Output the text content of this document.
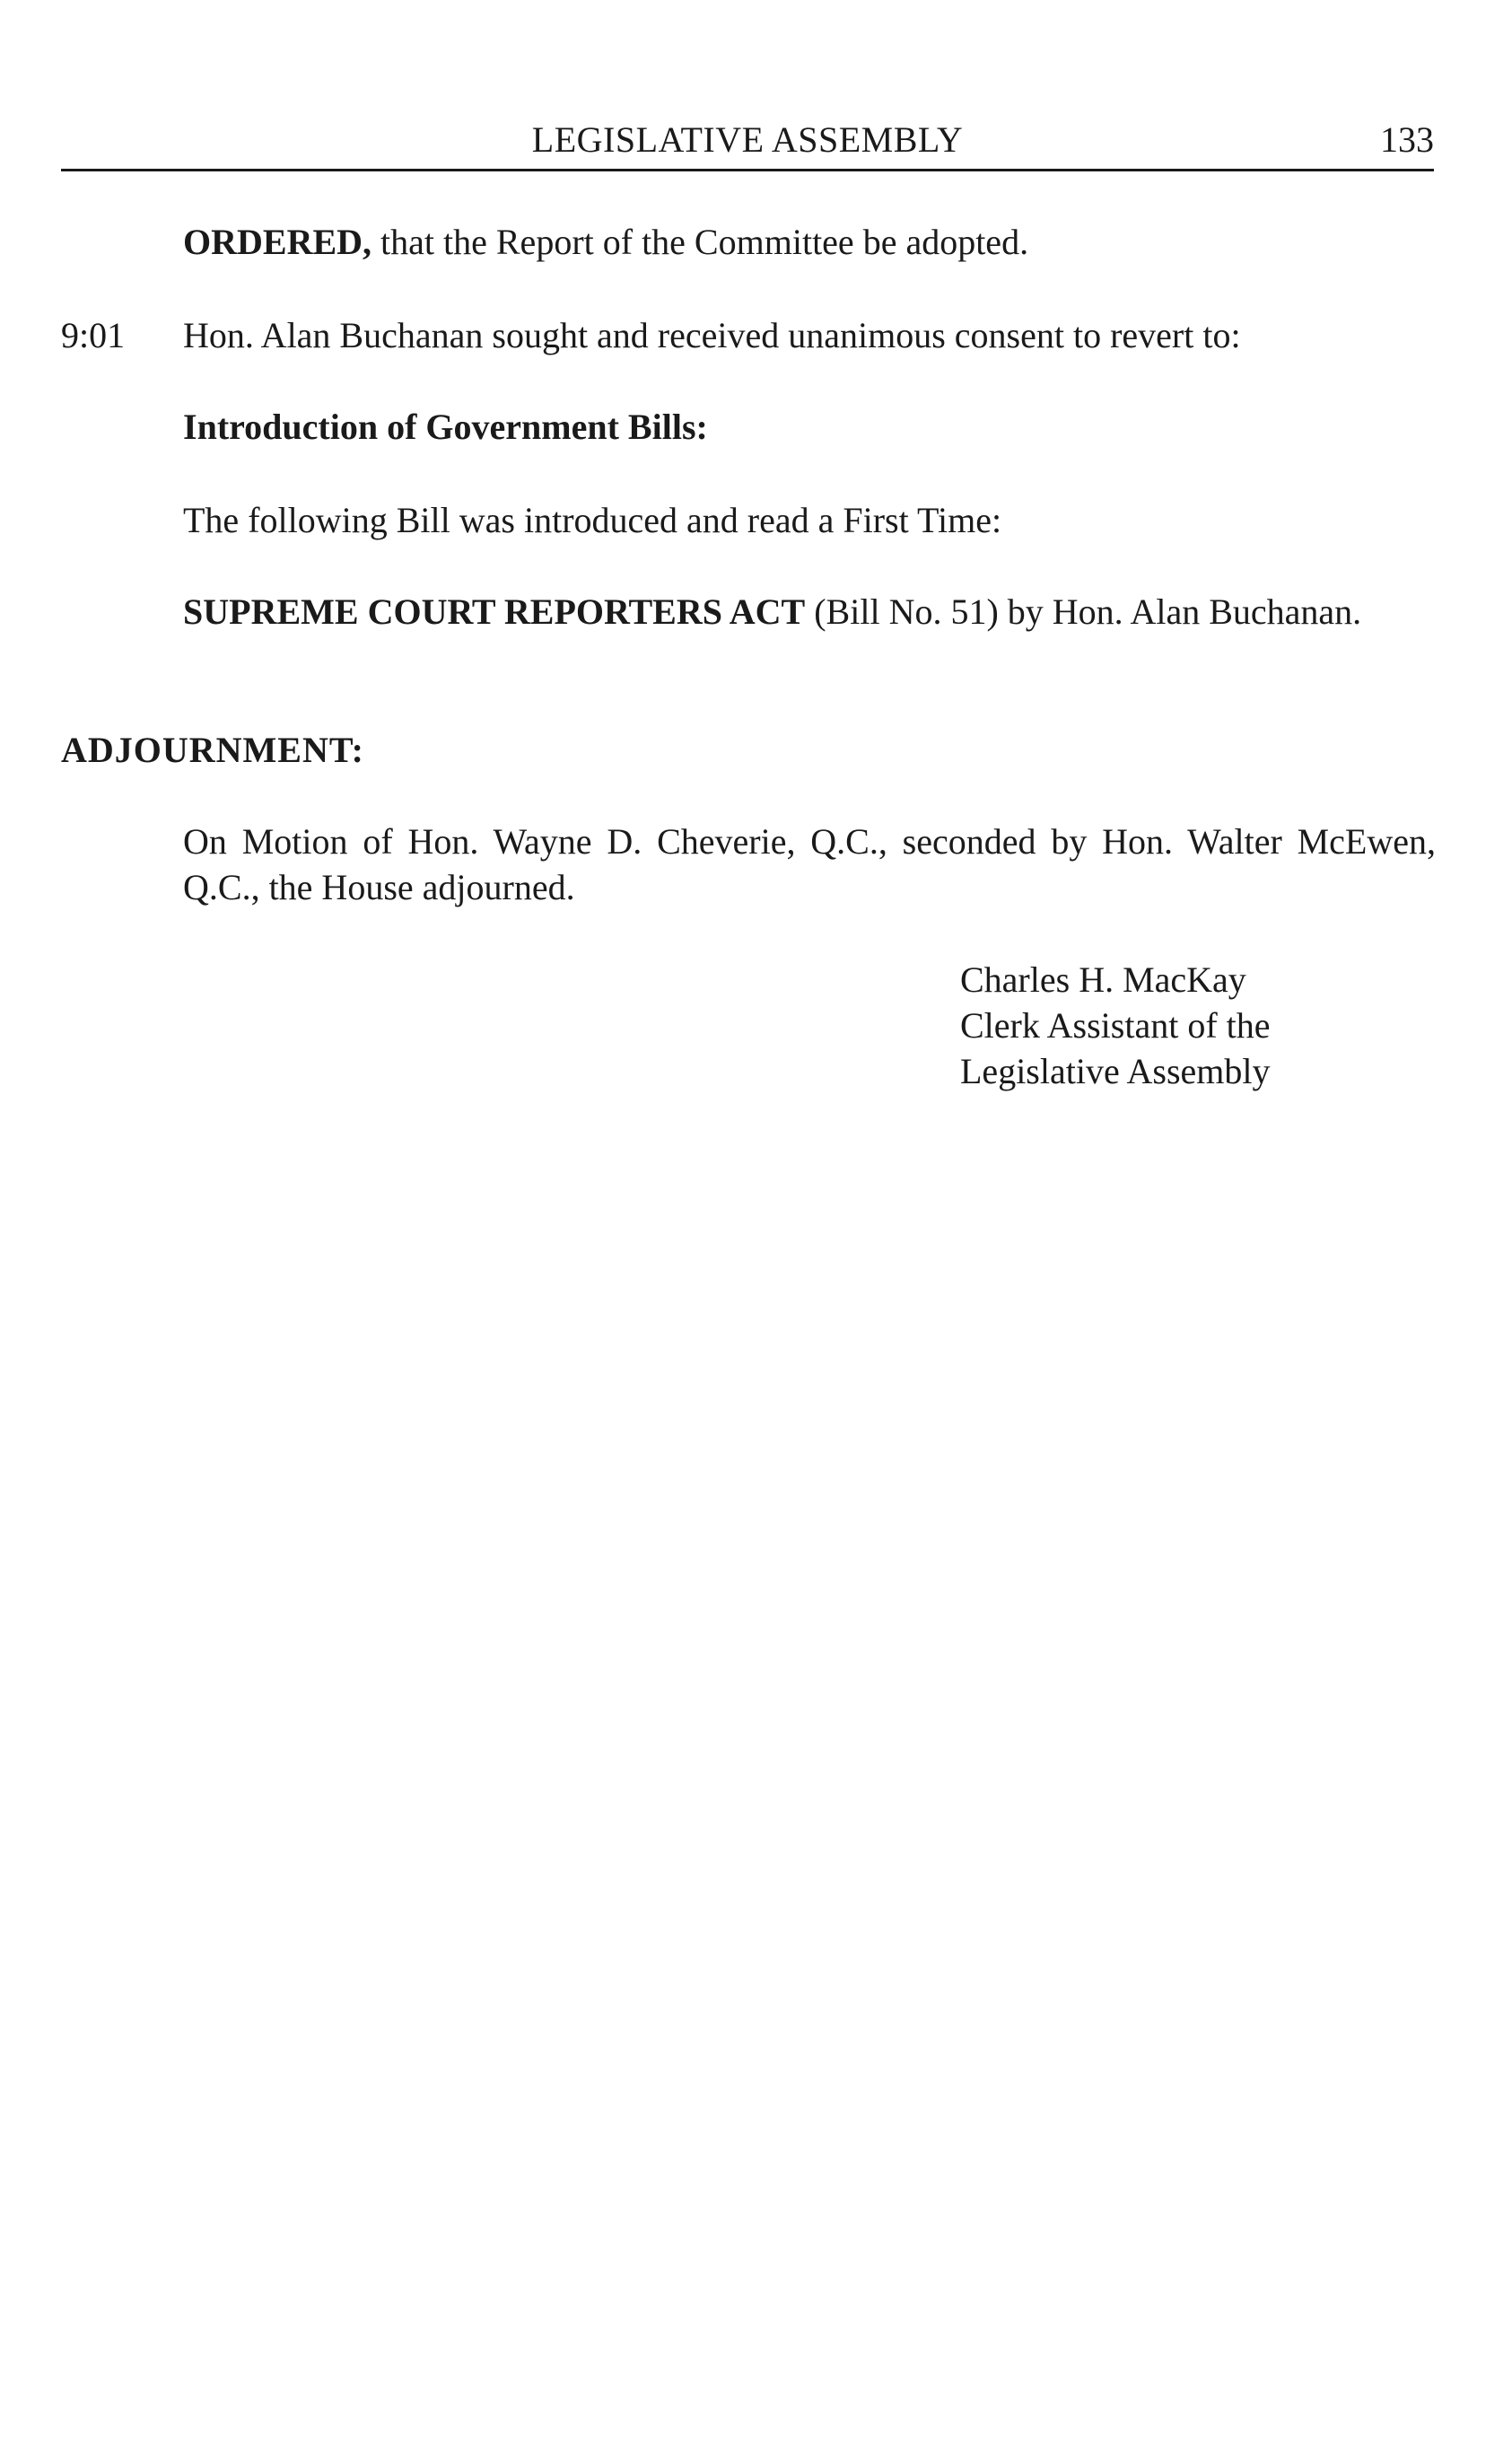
LEGISLATIVE ASSEMBLY	133
ORDERED, that the Report of the Committee be adopted.
9:01 Hon. Alan Buchanan sought and received unanimous consent to revert to:
Introduction of Government Bills:
The following Bill was introduced and read a First Time:
SUPREME COURT REPORTERS ACT (Bill No. 51) by Hon. Alan Buchanan.
ADJOURNMENT:
On Motion of Hon. Wayne D. Cheverie, Q.C., seconded by Hon. Walter McEwen, Q.C., the House adjourned.
Charles H. MacKay
Clerk Assistant of the
Legislative Assembly
